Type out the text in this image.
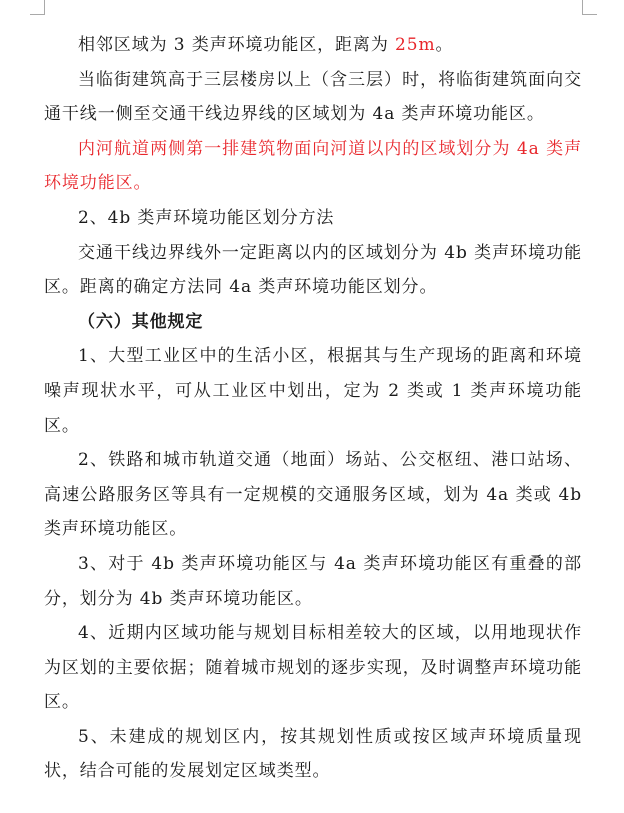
相邻区域为 3 类声环境功能区，距离为 25m。

当临街建筑高于三层楼房以上（含三层）时，将临街建筑面向交通干线一侧至交通干线边界线的区域划为 4a 类声环境功能区。

内河航道两侧第一排建筑物面向河道以内的区域划分为 4a 类声环境功能区。

2、4b 类声环境功能区划分方法

交通干线边界线外一定距离以内的区域划分为 4b 类声环境功能区。距离的确定方法同 4a 类声环境功能区划分。

（六）其他规定

1、大型工业区中的生活小区，根据其与生产现场的距离和环境噪声现状水平，可从工业区中划出，定为 2 类或 1 类声环境功能区。

2、铁路和城市轨道交通（地面）场站、公交枢纽、港口站场、高速公路服务区等具有一定规模的交通服务区域，划为 4a 类或 4b 类声环境功能区。

3、对于 4b 类声环境功能区与 4a 类声环境功能区有重叠的部分，划分为 4b 类声环境功能区。

4、近期内区域功能与规划目标相差较大的区域，以用地现状作为区划的主要依据；随着城市规划的逐步实现，及时调整声环境功能区。

5、未建成的规划区内，按其规划性质或按区域声环境质量现状，结合可能的发展划定区域类型。
